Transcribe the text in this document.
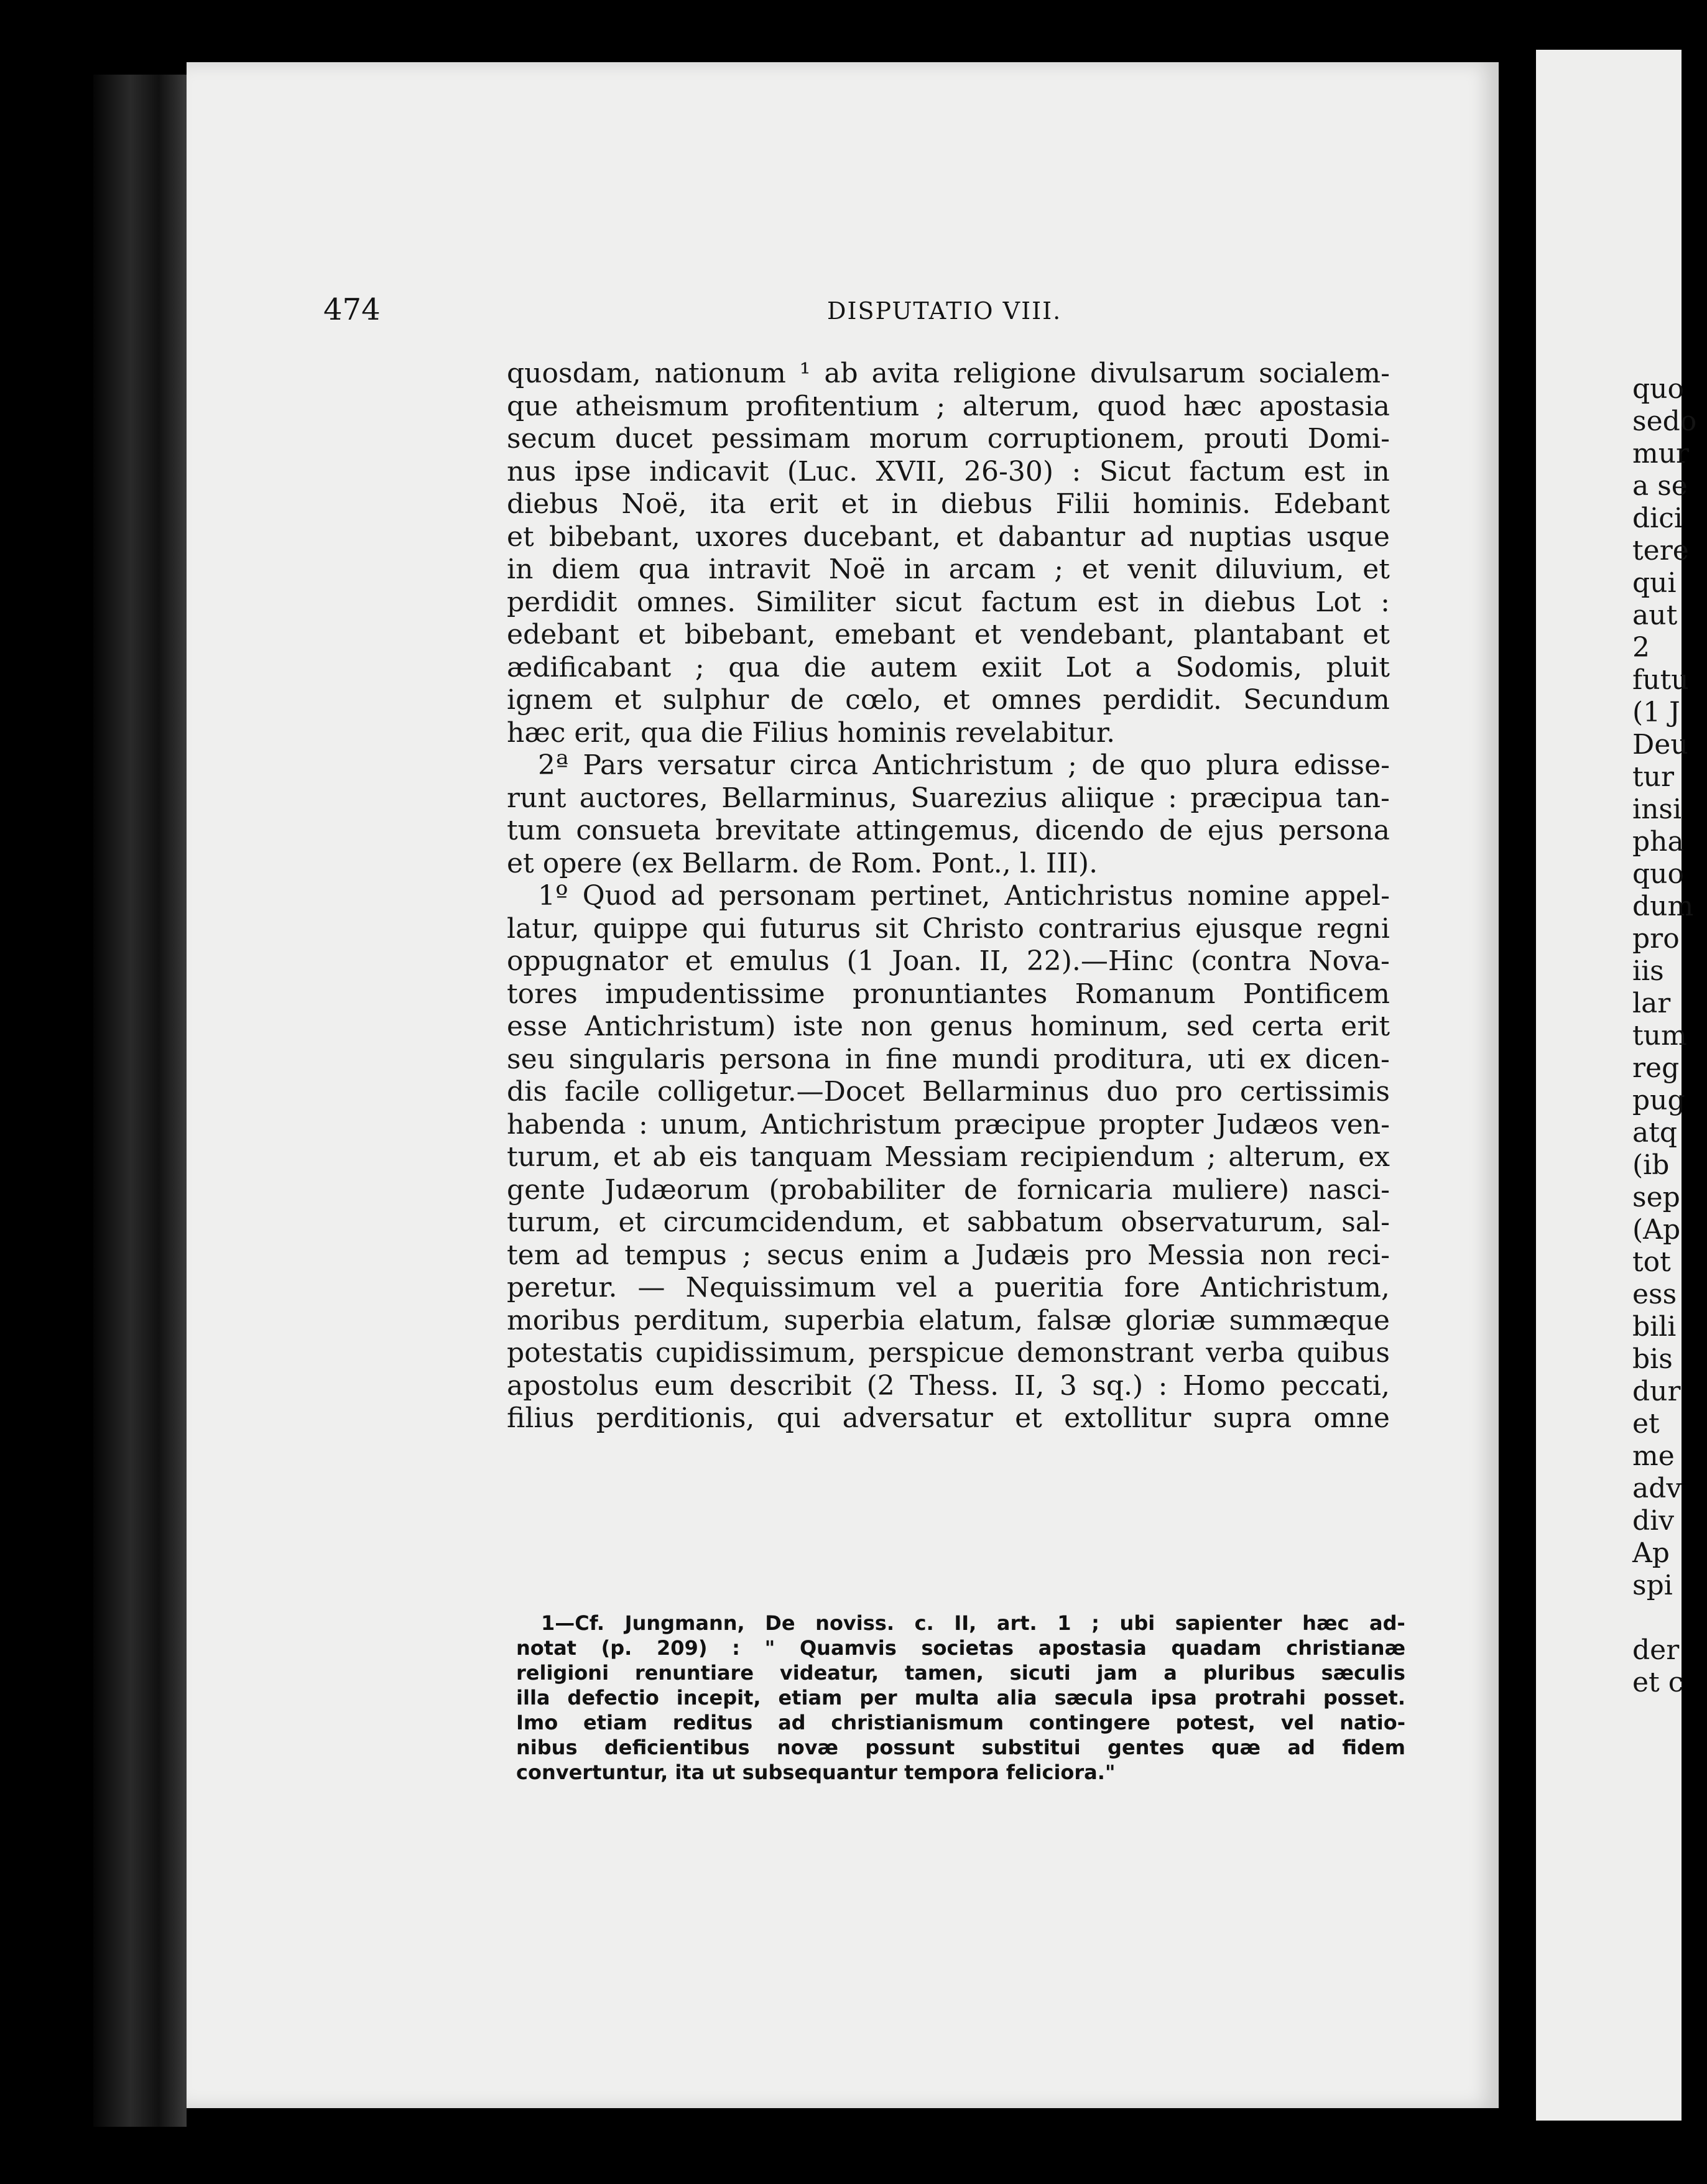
474	DISPUTATIO VIII.
quosdam, nationum ¹ ab avita religione divulsarum socialem-
que atheismum profitentium ; alterum, quod hæc apostasia
secum ducet pessimam morum corruptionem, prouti Domi-
nus ipse indicavit (Luc. XVII, 26-30) : Sicut factum est in
diebus Noë, ita erit et in diebus Filii hominis. Edebant
et bibebant, uxores ducebant, et dabantur ad nuptias usque
in diem qua intravit Noë in arcam ; et venit diluvium, et
perdidit omnes. Similiter sicut factum est in diebus Lot :
edebant et bibebant, emebant et vendebant, plantabant et
ædificabant ; qua die autem exiit Lot a Sodomis, pluit
ignem et sulphur de cœlo, et omnes perdidit. Secundum
hæc erit, qua die Filius hominis revelabitur.
2ª Pars versatur circa Antichristum ; de quo plura edisse-
runt auctores, Bellarminus, Suarezius aliique : præcipua tan-
tum consueta brevitate attingemus, dicendo de ejus persona
et opere (ex Bellarm. de Rom. Pont., l. III).
1º Quod ad personam pertinet, Antichristus nomine appel-
latur, quippe qui futurus sit Christo contrarius ejusque regni
oppugnator et emulus (1 Joan. II, 22).—Hinc (contra Nova-
tores impudentissime pronuntiantes Romanum Pontificem
esse Antichristum) iste non genus hominum, sed certa erit
seu singularis persona in fine mundi proditura, uti ex dicen-
dis facile colligetur.—Docet Bellarminus duo pro certissimis
habenda : unum, Antichristum præcipue propter Judæos ven-
turum, et ab eis tanquam Messiam recipiendum ; alterum, ex
gente Judæorum (probabiliter de fornicaria muliere) nasci-
turum, et circumcidendum, et sabbatum observaturum, sal-
tem ad tempus ; secus enim a Judæis pro Messia non reci-
peretur. — Nequissimum vel a pueritia fore Antichristum,
moribus perditum, superbia elatum, falsæ gloriæ summæque
potestatis cupidissimum, perspicue demonstrant verba quibus
apostolus eum describit (2 Thess. II, 3 sq.) : Homo peccati,
filius perditionis, qui adversatur et extollitur supra omne
1—Cf. Jungmann, De noviss. c. II, art. 1 ; ubi sapienter hæc ad-
notat (p. 209) : " Quamvis societas apostasia quadam christianæ
religioni renuntiare videatur, tamen, sicuti jam a pluribus sæculis
illa defectio incepit, etiam per multa alia sæcula ipsa protrahi posset.
Imo etiam reditus ad christianismum contingere potest, vel natio-
nibus deficientibus novæ possunt substitui gentes quæ ad fidem
convertuntur, ita ut subsequantur tempora feliciora."
quo
sedo
mur
a se
dici
tere
qui
aut
2
futu
(1 J
Deu
tur
insi
pha
quo
dum
pro
iis
lar
tum
reg
pug
atq
(ib
sep
(Ap
tot
ess
bili
bis
dur
et
me
adv
div
Ap
spi
der
et c
